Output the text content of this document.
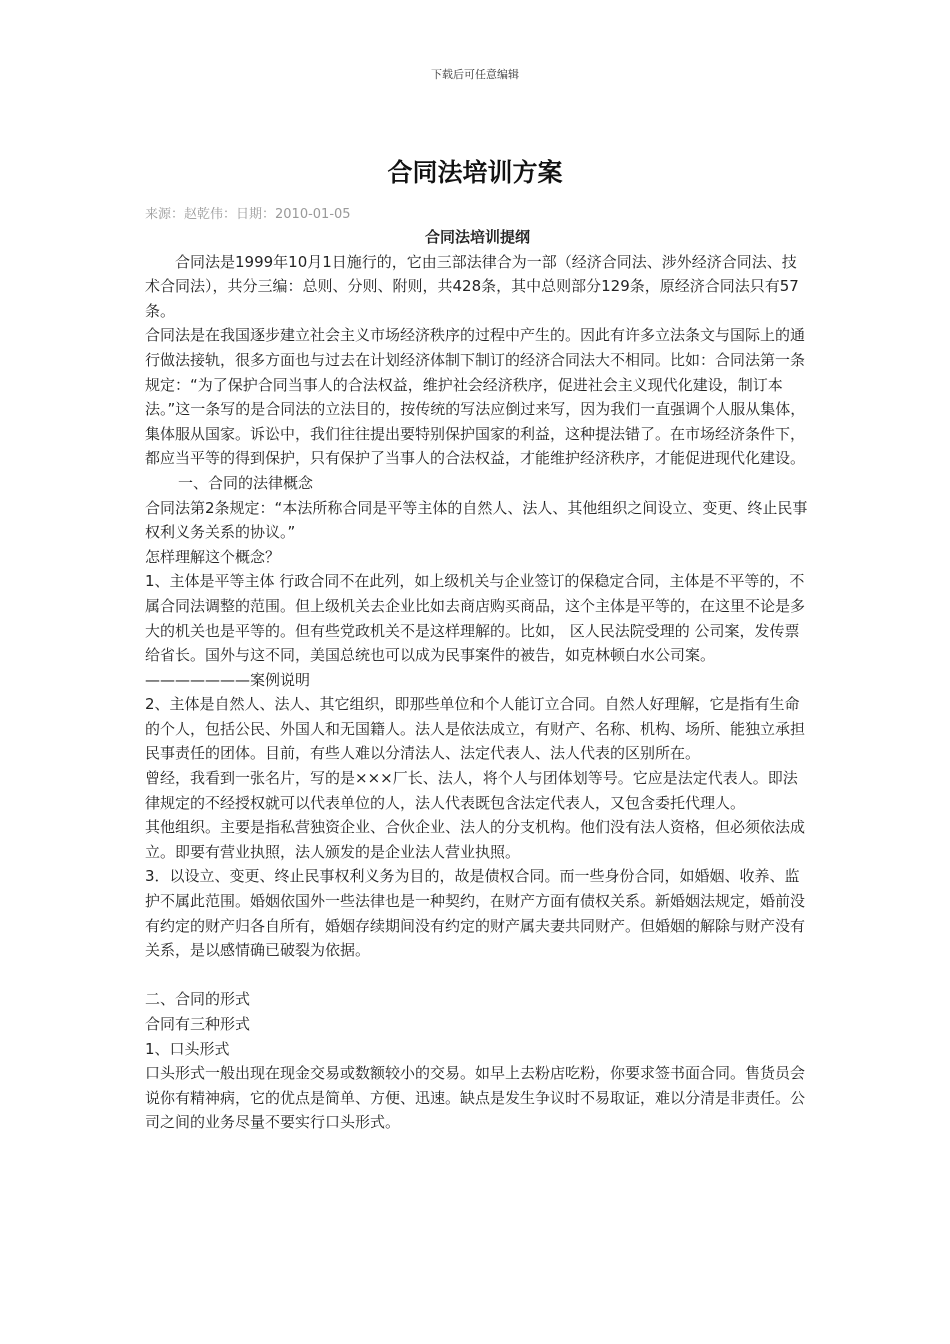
下载后可任意编辑
合同法培训方案
来源：赵乾伟：日期：2010-01-05

合同法培训提纲

合同法是1999年10月1日施行的，它由三部法律合为一部（经济合同法、涉外经济合同法、技术合同法），共分三编：总则、分则、附则，共428条，其中总则部分129条，原经济合同法只有57条。

合同法是在我国逐步建立社会主义市场经济秩序的过程中产生的。因此有许多立法条文与国际上的通行做法接轨，很多方面也与过去在计划经济体制下制订的经济合同法大不相同。比如：合同法第一条规定：“为了保护合同当事人的合法权益，维护社会经济秩序，促进社会主义现代化建设，制订本法。”这一条写的是合同法的立法目的，按传统的写法应倒过来写，因为我们一直强调个人服从集体，集体服从国家。诉讼中，我们往往提出要特别保护国家的利益，这种提法错了。在市场经济条件下，都应当平等的得到保护，只有保护了当事人的合法权益，才能维护经济秩序，才能促进现代化建设。

一、合同的法律概念

合同法第2条规定：“本法所称合同是平等主体的自然人、法人、其他组织之间设立、变更、终止民事权利义务关系的协议。”

怎样理解这个概念？

1、主体是平等主体 行政合同不在此列，如上级机关与企业签订的保稳定合同，主体是不平等的，不属合同法调整的范围。但上级机关去企业比如去商店购买商品，这个主体是平等的，在这里不论是多大的机关也是平等的。但有些党政机关不是这样理解的。比如， 区人民法院受理的 公司案，发传票给省长。国外与这不同，美国总统也可以成为民事案件的被告，如克林顿白水公司案。———————案例说明

2、主体是自然人、法人、其它组织，即那些单位和个人能订立合同。自然人好理解，它是指有生命的个人，包括公民、外国人和无国籍人。法人是依法成立，有财产、名称、机构、场所、能独立承担民事责任的团体。目前，有些人难以分清法人、法定代表人、法人代表的区别所在。

曾经，我看到一张名片，写的是×××厂长、法人，将个人与团体划等号。它应是法定代表人。即法律规定的不经授权就可以代表单位的人，法人代表既包含法定代表人，又包含委托代理人。

其他组织。主要是指私营独资企业、合伙企业、法人的分支机构。他们没有法人资格，但必须依法成立。即要有营业执照，法人颁发的是企业法人营业执照。

3．以设立、变更、终止民事权利义务为目的，故是债权合同。而一些身份合同，如婚姻、收养、监护不属此范围。婚姻依国外一些法律也是一种契约，在财产方面有债权关系。新婚姻法规定，婚前没有约定的财产归各自所有，婚姻存续期间没有约定的财产属夫妻共同财产。但婚姻的解除与财产没有关系，是以感情确已破裂为依据。

二、合同的形式

合同有三种形式

1、口头形式

口头形式一般出现在现金交易或数额较小的交易。如早上去粉店吃粉，你要求签书面合同。售货员会说你有精神病，它的优点是简单、方便、迅速。缺点是发生争议时不易取证，难以分清是非责任。公司之间的业务尽量不要实行口头形式。
